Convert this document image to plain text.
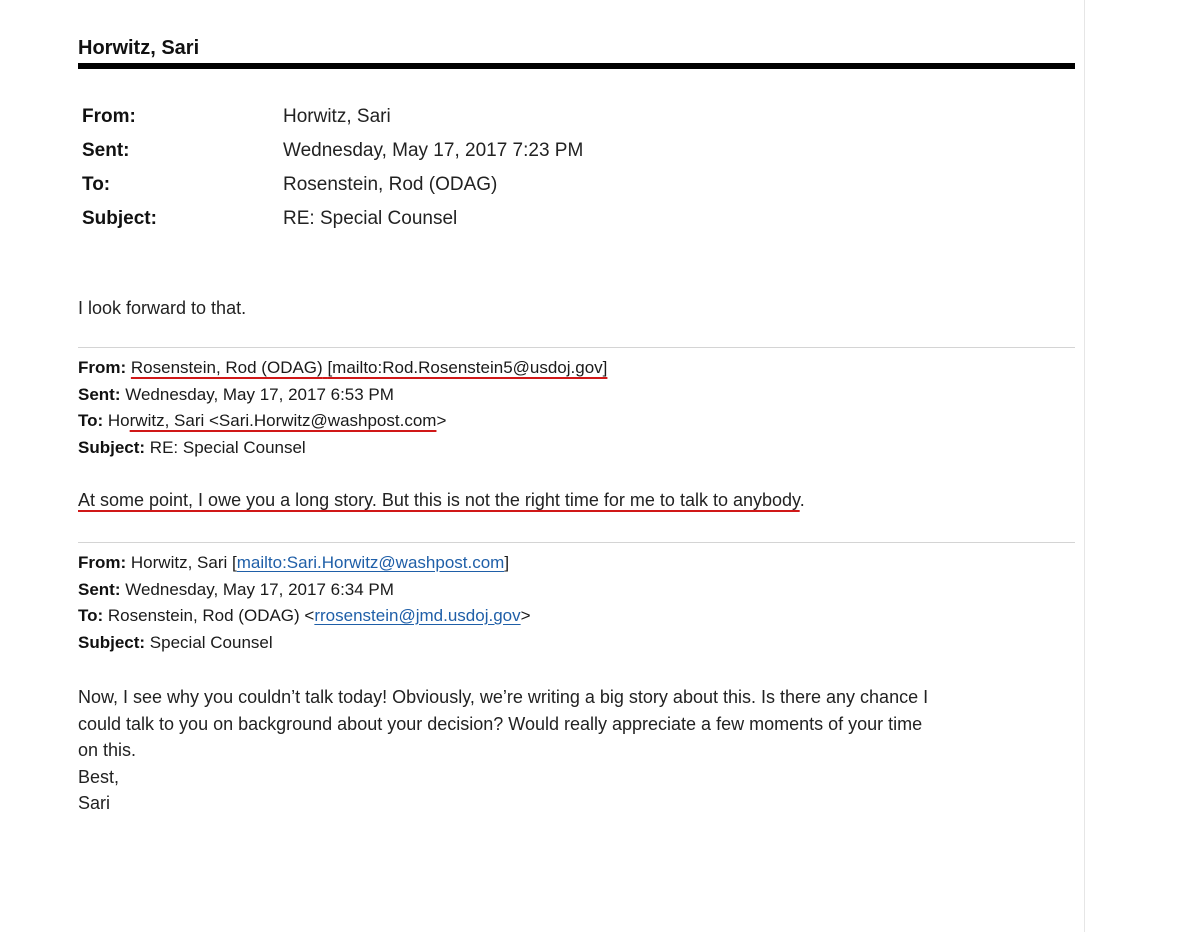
Horwitz, Sari
From:	Horwitz, Sari
Sent:	Wednesday, May 17, 2017 7:23 PM
To:	Rosenstein, Rod (ODAG)
Subject:	RE: Special Counsel
I look forward to that.
From: Rosenstein, Rod (ODAG) [mailto:Rod.Rosenstein5@usdoj.gov]
Sent: Wednesday, May 17, 2017 6:53 PM
To: Horwitz, Sari <Sari.Horwitz@washpost.com>
Subject: RE: Special Counsel
At some point, I owe you a long story. But this is not the right time for me to talk to anybody.
From: Horwitz, Sari [mailto:Sari.Horwitz@washpost.com]
Sent: Wednesday, May 17, 2017 6:34 PM
To: Rosenstein, Rod (ODAG) <rrosenstein@jmd.usdoj.gov>
Subject: Special Counsel
Now, I see why you couldn’t talk today! Obviously, we’re writing a big story about this. Is there any chance I
could talk to you on background about your decision? Would really appreciate a few moments of your time
on this.
Best,
Sari
